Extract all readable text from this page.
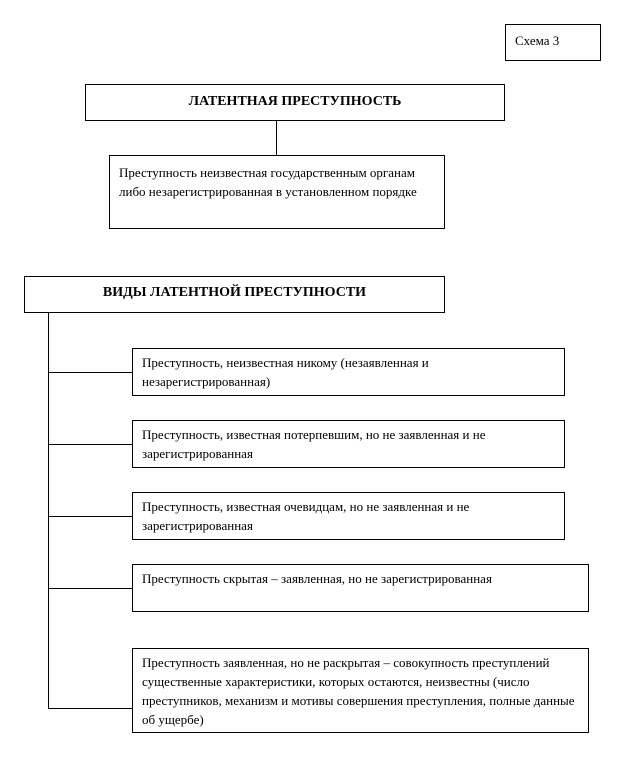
Схема 3
ЛАТЕНТНАЯ ПРЕСТУПНОСТЬ
Преступность неизвестная государственным органам либо незарегистрированная в установленном порядке
ВИДЫ ЛАТЕНТНОЙ ПРЕСТУПНОСТИ
Преступность, неизвестная никому (незаявленная и незарегистрированная)
Преступность, известная потерпевшим, но не заявленная и не зарегистрированная
Преступность, известная очевидцам, но не заявленная и не зарегистрированная
Преступность скрытая – заявленная, но не зарегистрированная
Преступность заявленная, но не раскрытая – совокупность преступлений существенные характеристики, которых остаются, неизвестны (число преступников, механизм и мотивы совершения преступления, полные данные об ущербе)
